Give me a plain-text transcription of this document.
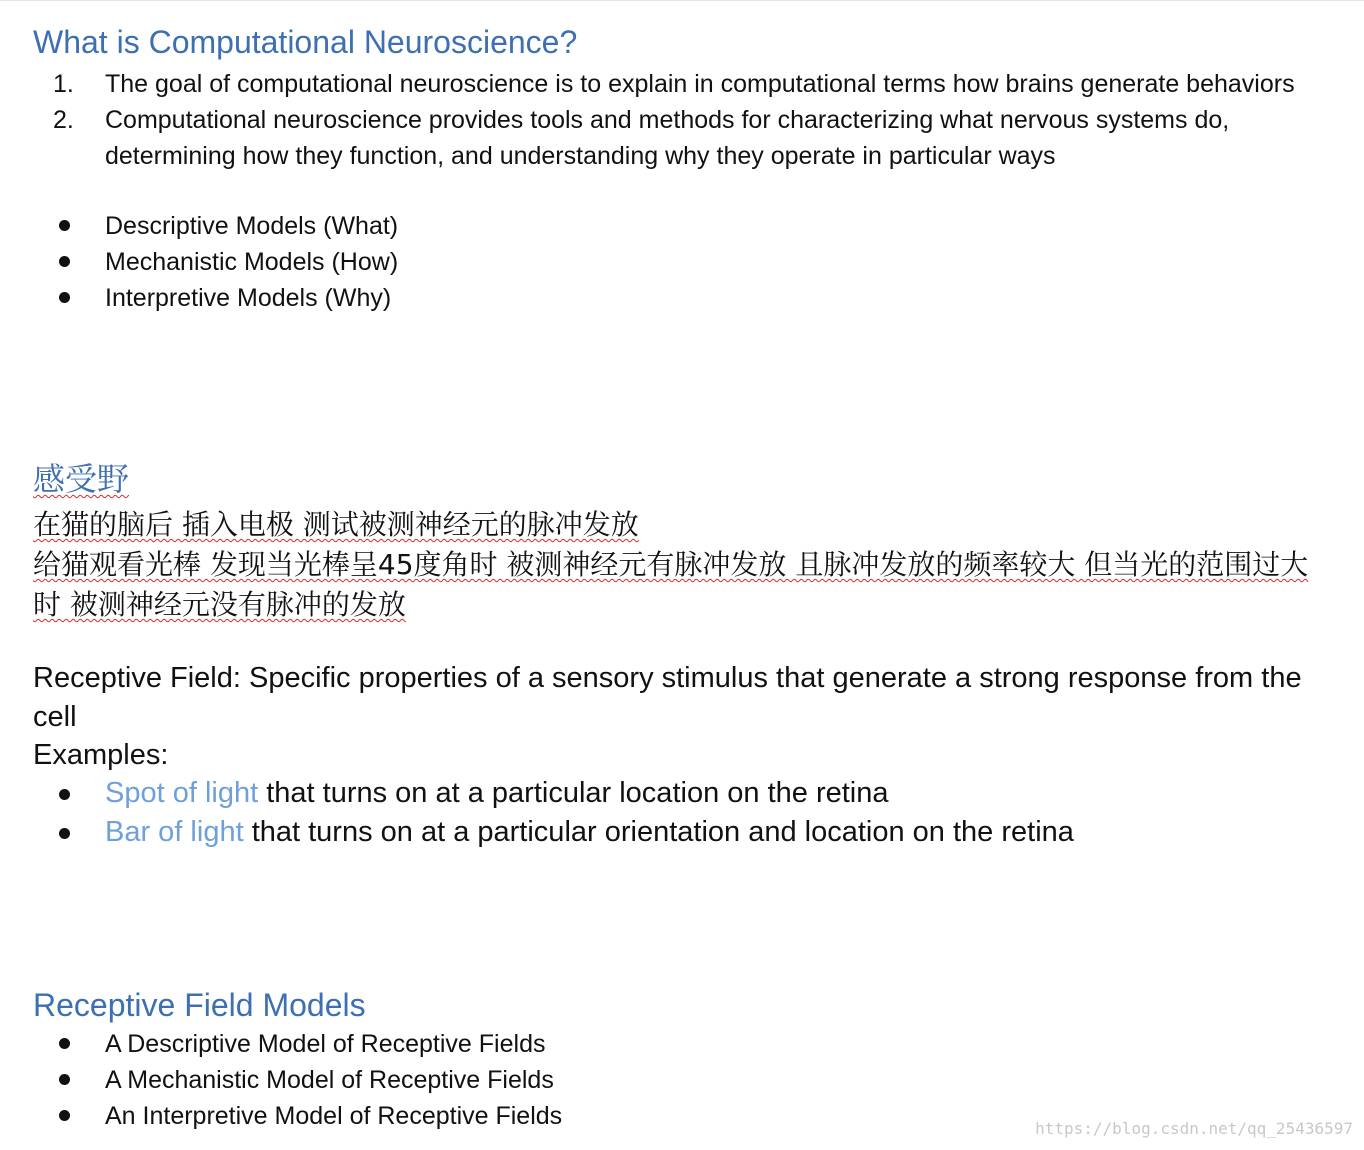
What is Computational Neuroscience?
1. The goal of computational neuroscience is to explain in computational terms how brains generate behaviors
2. Computational neuroscience provides tools and methods for characterizing what nervous systems do, determining how they function, and understanding why they operate in particular ways
Descriptive Models (What)
Mechanistic Models (How)
Interpretive Models (Why)
感受野
在猫的脑后 插入电极 测试被测神经元的脉冲发放
给猫观看光棒 发现当光棒呈45度角时 被测神经元有脉冲发放 且脉冲发放的频率较大 但当光的范围过大时 被测神经元没有脉冲的发放
Receptive Field: Specific properties of a sensory stimulus that generate a strong response from the cell
Examples:
Spot of light that turns on at a particular location on the retina
Bar of light that turns on at a particular orientation and location on the retina
Receptive Field Models
A Descriptive Model of Receptive Fields
A Mechanistic Model of Receptive Fields
An Interpretive Model of Receptive Fields	https://blog.csdn.net/qq_25436597
